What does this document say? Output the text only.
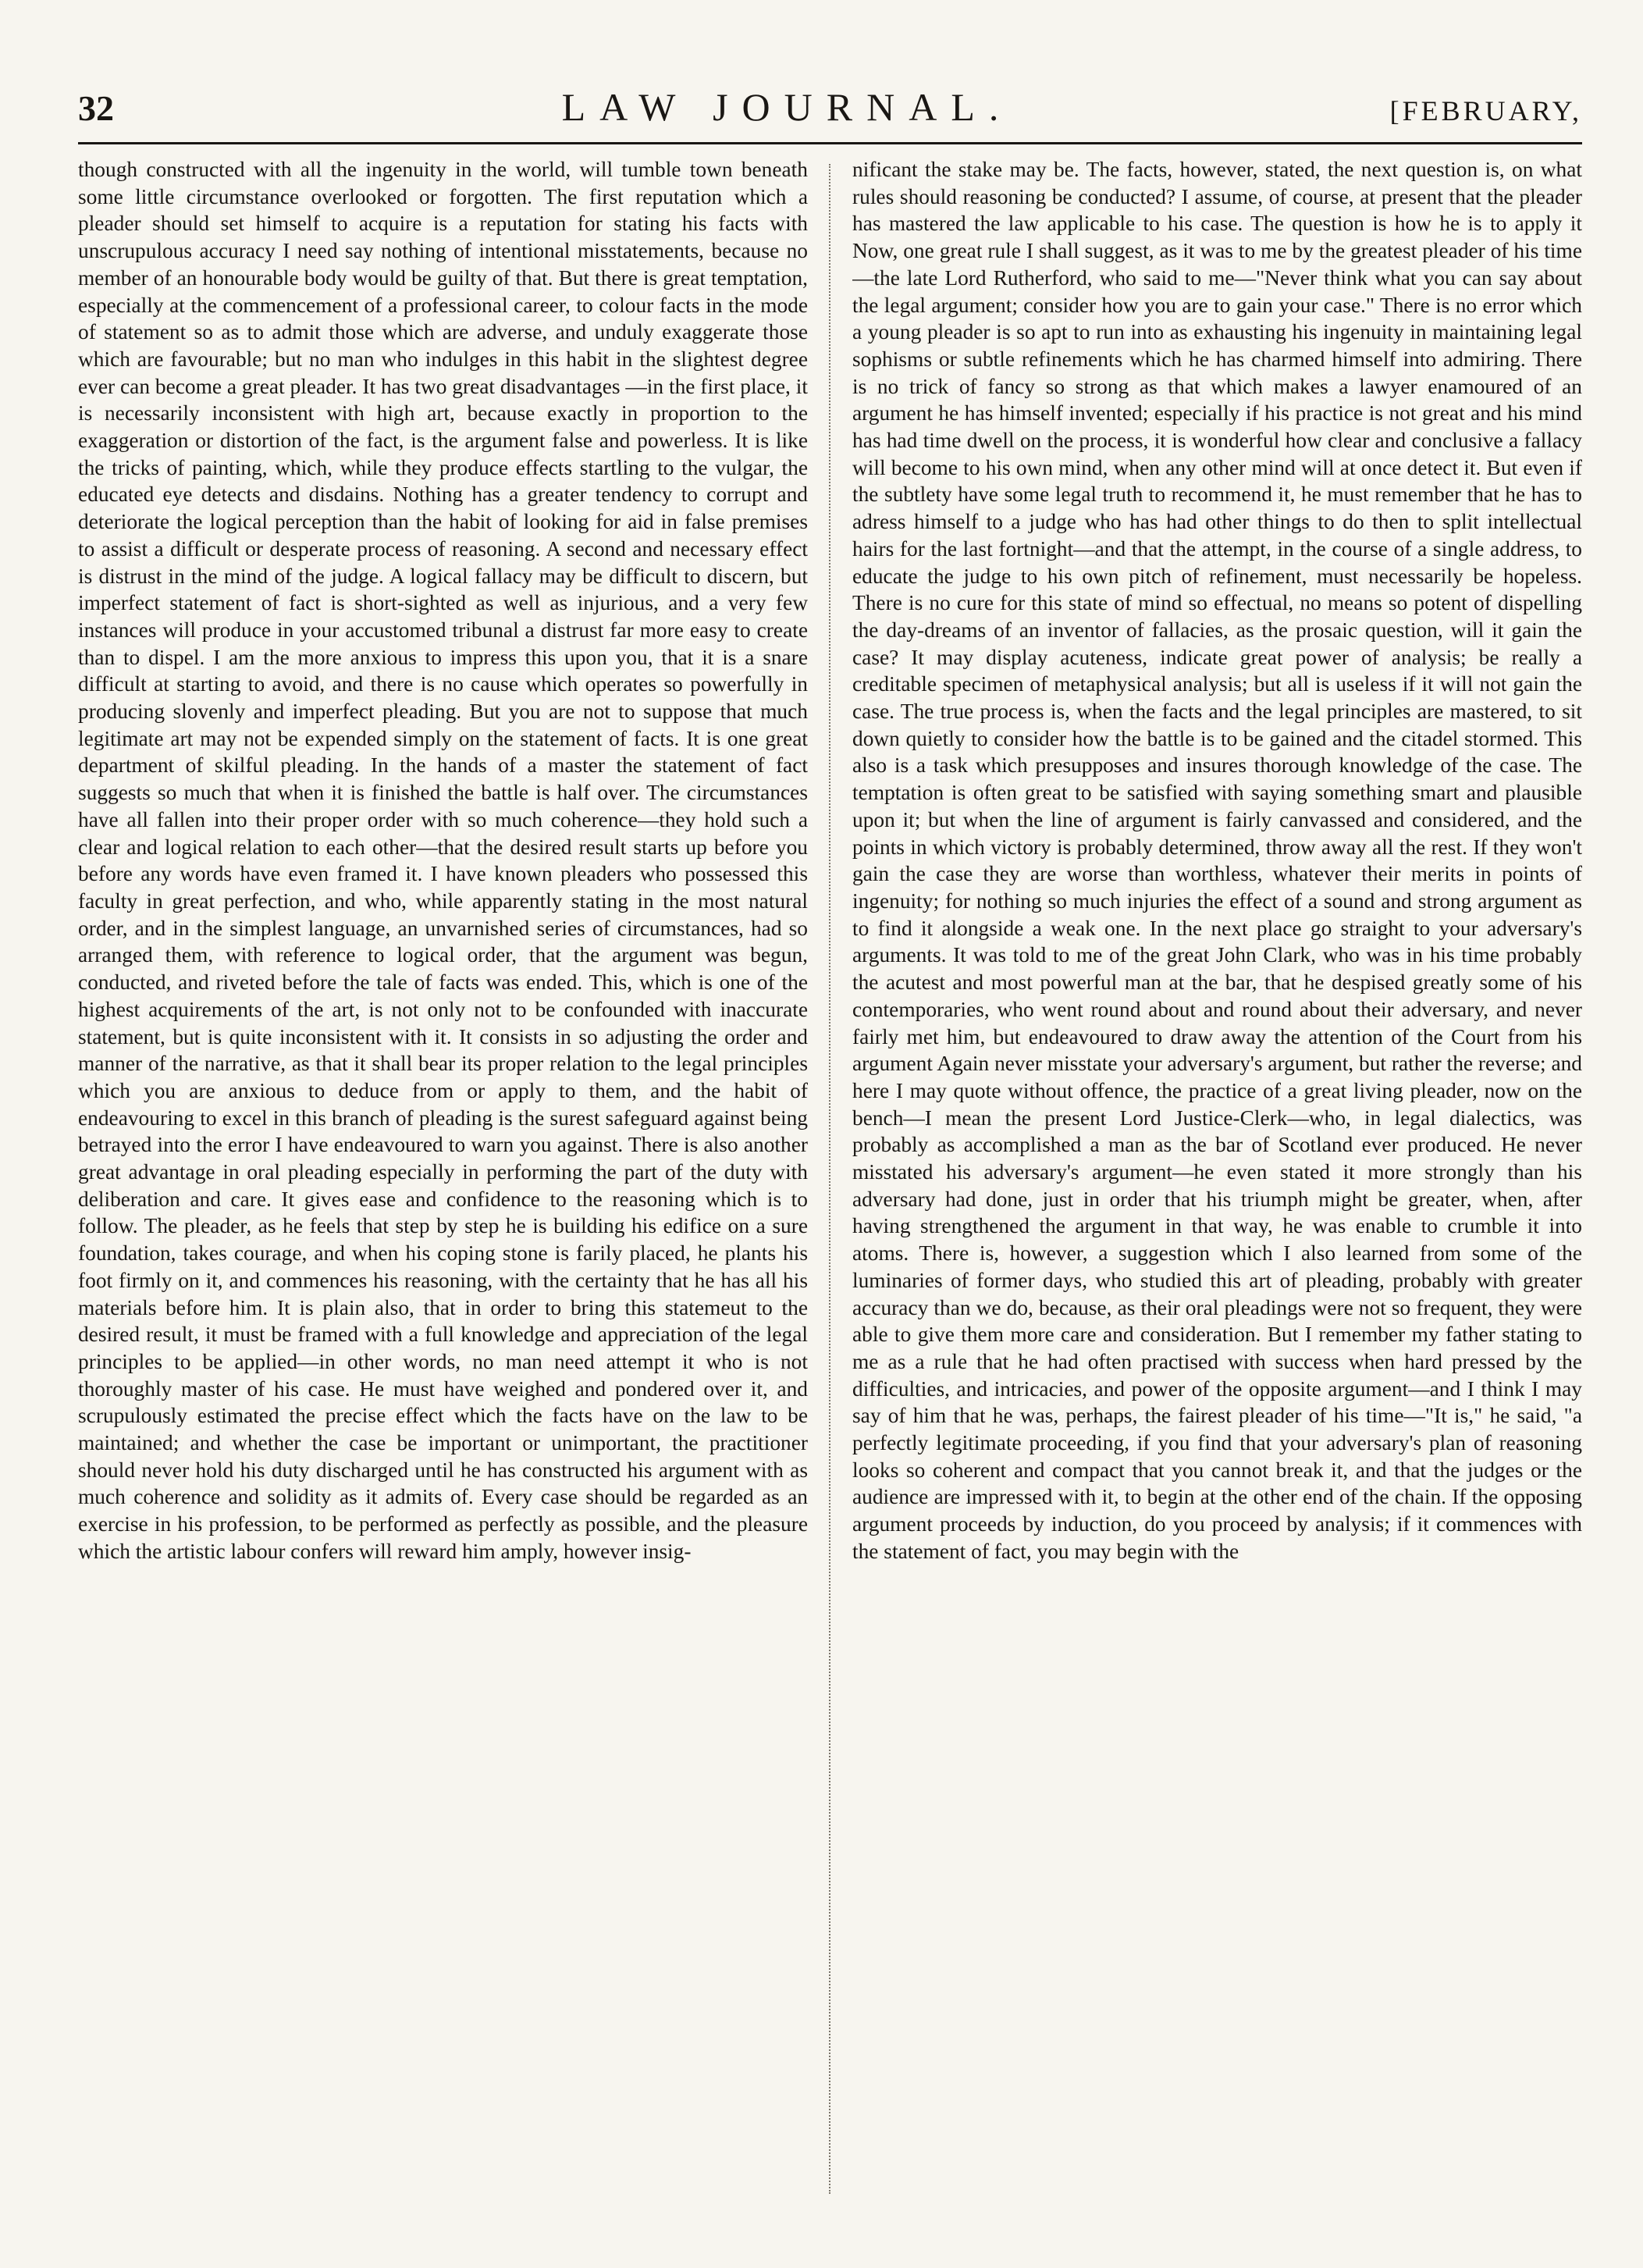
32	LAW JOURNAL.	[FEBRUARY,

though constructed with all the ingenuity in the world, will tumble town beneath some little circumstance overlooked or forgotten. The first reputation which a pleader should set himself to acquire is a reputation for stating his facts with unscrupulous accuracy I need say nothing of intentional misstatements, because no member of an honourable body would be guilty of that. But there is great temptation, especially at the commencement of a professional career, to colour facts in the mode of statement so as to admit those which are adverse, and unduly exaggerate those which are favourable; but no man who indulges in this habit in the slightest degree ever can become a great pleader. It has two great disadvantages —in the first place, it is necessarily inconsistent with high art, because exactly in proportion to the exaggeration or distortion of the fact, is the argument false and powerless. It is like the tricks of painting, which, while they produce effects startling to the vulgar, the educated eye detects and disdains. Nothing has a greater tendency to corrupt and deteriorate the logical perception than the habit of looking for aid in false premises to assist a difficult or desperate process of reasoning. A second and necessary effect is distrust in the mind of the judge. A logical fallacy may be difficult to discern, but imperfect statement of fact is short-sighted as well as injurious, and a very few instances will produce in your accustomed tribunal a distrust far more easy to create than to dispel. I am the more anxious to impress this upon you, that it is a snare difficult at starting to avoid, and there is no cause which operates so powerfully in producing slovenly and imperfect pleading. But you are not to suppose that much legitimate art may not be expended simply on the statement of facts. It is one great department of skilful pleading. In the hands of a master the statement of fact suggests so much that when it is finished the battle is half over. The circumstances have all fallen into their proper order with so much coherence—they hold such a clear and logical relation to each other—that the desired result starts up before you before any words have even framed it. I have known pleaders who possessed this faculty in great perfection, and who, while apparently stating in the most natural order, and in the simplest language, an unvarnished series of circumstances, had so arranged them, with reference to logical order, that the argument was begun, conducted, and riveted before the tale of facts was ended. This, which is one of the highest acquirements of the art, is not only not to be confounded with inaccurate statement, but is quite inconsistent with it. It consists in so adjusting the order and manner of the narrative, as that it shall bear its proper relation to the legal principles which you are anxious to deduce from or apply to them, and the habit of endeavouring to excel in this branch of pleading is the surest safeguard against being betrayed into the error I have endeavoured to warn you against. There is also another great advantage in oral pleading especially in performing the part of the duty with deliberation and care. It gives ease and confidence to the reasoning which is to follow. The pleader, as he feels that step by step he is building his edifice on a sure foundation, takes courage, and when his coping stone is farily placed, he plants his foot firmly on it, and commences his reasoning, with the certainty that he has all his materials before him. It is plain also, that in order to bring this statemeut to the desired result, it must be framed with a full knowledge and appreciation of the legal principles to be applied—in other words, no man need attempt it who is not thoroughly master of his case. He must have weighed and pondered over it, and scrupulously estimated the precise effect which the facts have on the law to be maintained; and whether the case be important or unimportant, the practitioner should never hold his duty discharged until he has constructed his argument with as much coherence and solidity as it admits of. Every case should be regarded as an exercise in his profession, to be performed as perfectly as possible, and the pleasure which the artistic labour confers will reward him amply, however insig-

nificant the stake may be. The facts, however, stated, the next question is, on what rules should reasoning be conducted? I assume, of course, at present that the pleader has mastered the law applicable to his case. The question is how he is to apply it Now, one great rule I shall suggest, as it was to me by the greatest pleader of his time—the late Lord Rutherford, who said to me—"Never think what you can say about the legal argument; consider how you are to gain your case." There is no error which a young pleader is so apt to run into as exhausting his ingenuity in maintaining legal sophisms or subtle refinements which he has charmed himself into admiring. There is no trick of fancy so strong as that which makes a lawyer enamoured of an argument he has himself invented; especially if his practice is not great and his mind has had time dwell on the process, it is wonderful how clear and conclusive a fallacy will become to his own mind, when any other mind will at once detect it. But even if the subtlety have some legal truth to recommend it, he must remember that he has to adress himself to a judge who has had other things to do then to split intellectual hairs for the last fortnight—and that the attempt, in the course of a single address, to educate the judge to his own pitch of refinement, must necessarily be hopeless. There is no cure for this state of mind so effectual, no means so potent of dispelling the day-dreams of an inventor of fallacies, as the prosaic question, will it gain the case? It may display acuteness, indicate great power of analysis; be really a creditable specimen of metaphysical analysis; but all is useless if it will not gain the case. The true process is, when the facts and the legal principles are mastered, to sit down quietly to consider how the battle is to be gained and the citadel stormed. This also is a task which presupposes and insures thorough knowledge of the case. The temptation is often great to be satisfied with saying something smart and plausible upon it; but when the line of argument is fairly canvassed and considered, and the points in which victory is probably determined, throw away all the rest. If they won't gain the case they are worse than worthless, whatever their merits in points of ingenuity; for nothing so much injuries the effect of a sound and strong argument as to find it alongside a weak one. In the next place go straight to your adversary's arguments. It was told to me of the great John Clark, who was in his time probably the acutest and most powerful man at the bar, that he despised greatly some of his contemporaries, who went round about and round about their adversary, and never fairly met him, but endeavoured to draw away the attention of the Court from his argument Again never misstate your adversary's argument, but rather the reverse; and here I may quote without offence, the practice of a great living pleader, now on the bench—I mean the present Lord Justice-Clerk—who, in legal dialectics, was probably as accomplished a man as the bar of Scotland ever produced. He never misstated his adversary's argument—he even stated it more strongly than his adversary had done, just in order that his triumph might be greater, when, after having strengthened the argument in that way, he was enable to crumble it into atoms. There is, however, a suggestion which I also learned from some of the luminaries of former days, who studied this art of pleading, probably with greater accuracy than we do, because, as their oral pleadings were not so frequent, they were able to give them more care and consideration. But I remember my father stating to me as a rule that he had often practised with success when hard pressed by the difficulties, and intricacies, and power of the opposite argument—and I think I may say of him that he was, perhaps, the fairest pleader of his time—"It is," he said, "a perfectly legitimate proceeding, if you find that your adversary's plan of reasoning looks so coherent and compact that you cannot break it, and that the judges or the audience are impressed with it, to begin at the other end of the chain. If the opposing argument proceeds by induction, do you proceed by analysis; if it commences with the statement of fact, you may begin with the
